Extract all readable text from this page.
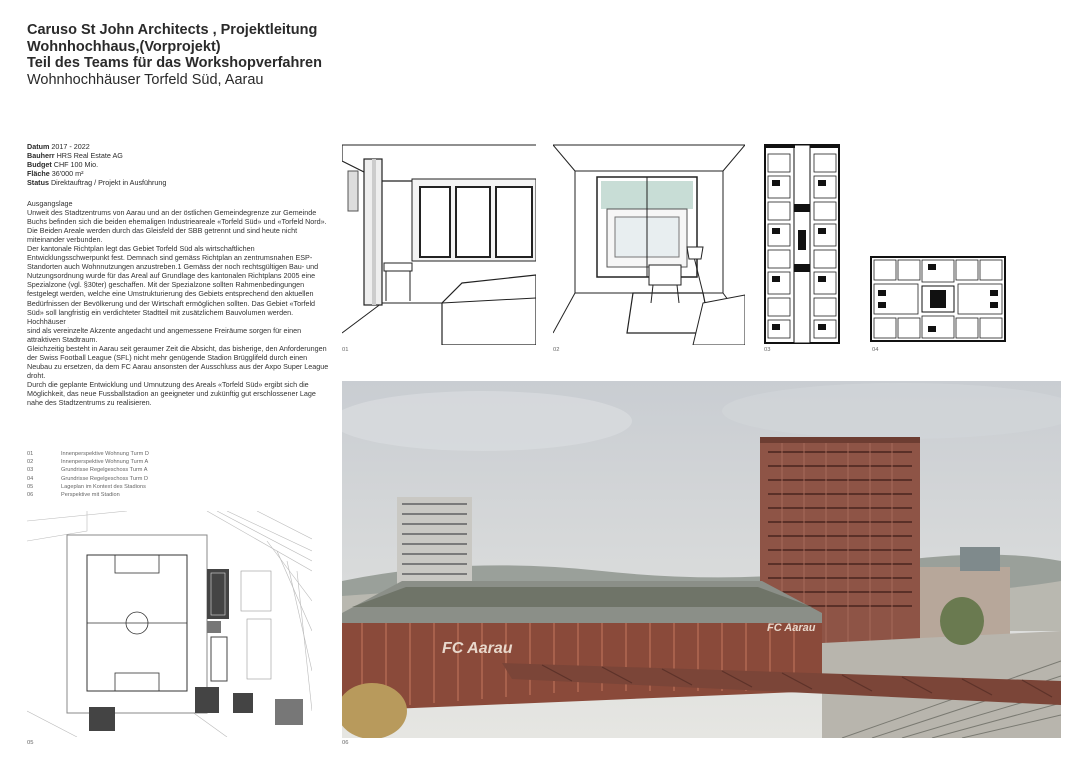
Caruso St John Architects , Projektleitung
Wohnhochhaus,(Vorprojekt)
Teil des Teams für das Workshopverfahren
Wohnhochhäuser Torfeld Süd, Aarau
Datum 2017 - 2022
Bauherr HRS Real Estate AG
Budget CHF 100 Mio.
Fläche 36'000 m²
Status Direktauftrag / Projekt in Ausführung

Ausgangslage

Unweit des Stadtzentrums von Aarau und an der östlichen Gemeindegrenze zur Gemeinde Buchs befinden sich die beiden ehemaligen Industrieareale «Torfeld Süd» und «Torfeld Nord». Die Beiden Areale werden durch das Gleisfeld der SBB getrennt und sind heute nicht miteinander verbunden.

Der kantonale Richtplan legt das Gebiet Torfeld Süd als wirtschaftlichen Entwicklungsschwerpunkt fest. Demnach sind gemäss Richtplan an zentrumsnahen ESP-Standorten auch Wohnnutzungen anzustreben.1 Gemäss der noch rechtsgültigen Bau- und Nutzungsordnung wurde für das Areal auf Grundlage des kantonalen Richtplans 2005 eine Spezialzone (vgl. §30ter) geschaffen. Mit der Spezialzone sollten Rahmenbedingungen festgelegt werden, welche eine Umstrukturierung des Gebiets entsprechend den aktuellen Bedürfnissen der Bevölkerung und der Wirtschaft ermöglichen sollten. Das Gebiet «Torfeld Süd» soll langfristig ein verdichteter Stadtteil mit zusätzlichem Bauvolumen werden. Hochhäuser

sind als vereinzelte Akzente angedacht und angemessene Freiräume sorgen für einen attraktiven Stadtraum.

Gleichzeitig besteht in Aarau seit geraumer Zeit die Absicht, das bisherige, den Anforderungen der Swiss Football League (SFL) nicht mehr genügende Stadion Brügglifeld durch einen Neubau zu ersetzen, da dem FC Aarau ansonsten der Ausschluss aus der Axpo Super League droht.

Durch die geplante Entwicklung und Umnutzung des Areals «Torfeld Süd» ergibt sich die Möglichkeit, das neue Fussballstadion an geeigneter und zukünftig gut erschlossener Lage nahe des Stadtzentrums zu realisieren.

01	Innenperspektive Wohnung Turm D
02	Innenperspektive Wohnung Turm A
03	Grundrisse Regelgeschoss Turm A
04	Grundrisse Regelgeschoss Turm D
05	Lageplan im Kontext des Stadions
06	Perspektive mit Stadion
01	02	03	04
05
FC Aarau
FC Aarau
06
